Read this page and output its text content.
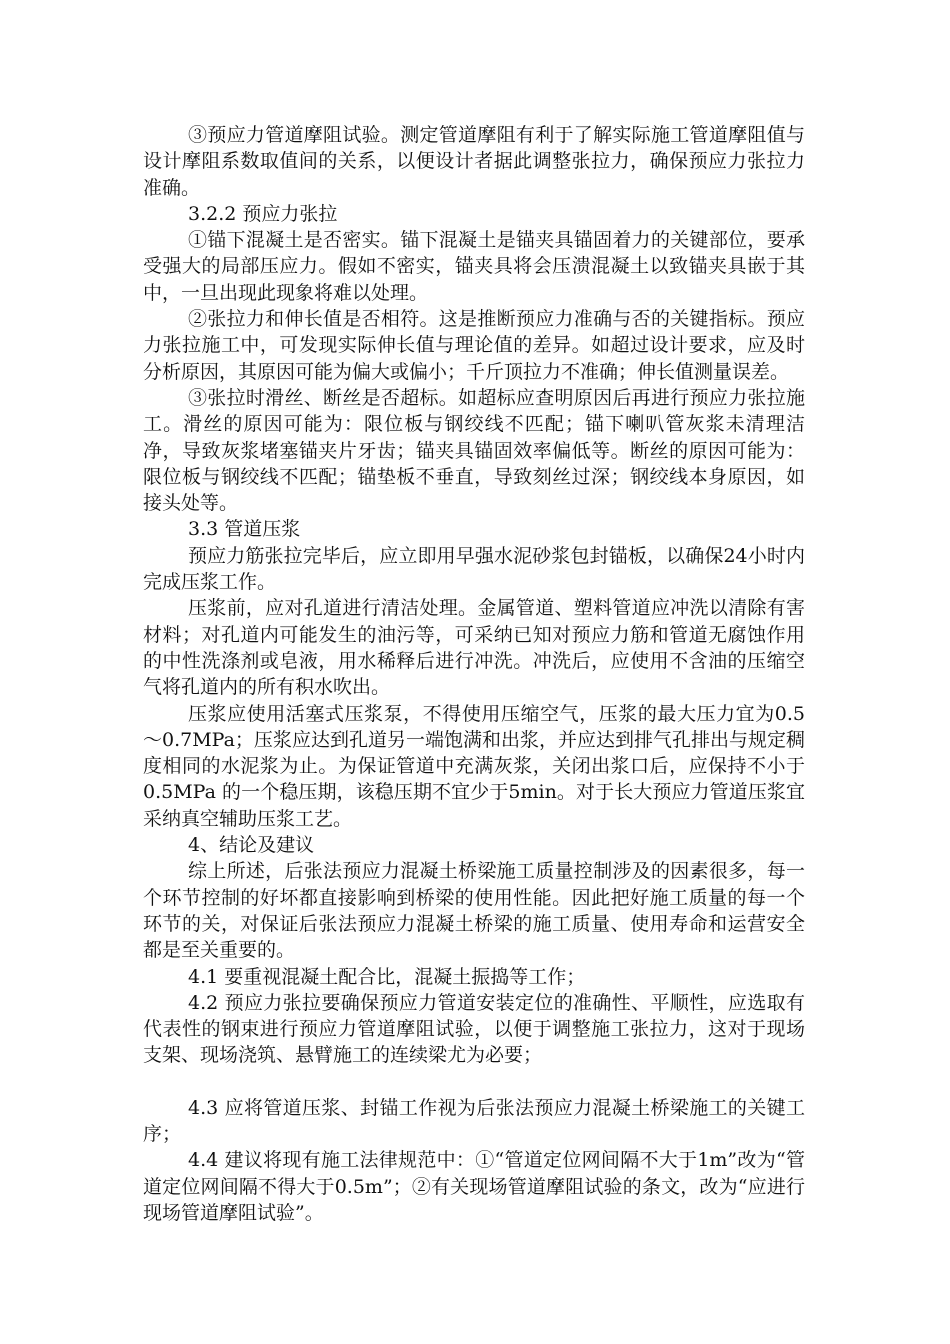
③预应力管道摩阻试验。测定管道摩阻有利于了解实际施工管道摩阻值与设计摩阻系数取值间的关系，以便设计者据此调整张拉力，确保预应力张拉力准确。

3.2.2 预应力张拉

①锚下混凝土是否密实。锚下混凝土是锚夹具锚固着力的关键部位，要承受强大的局部压应力。假如不密实，锚夹具将会压溃混凝土以致锚夹具嵌于其中，一旦出现此现象将难以处理。

②张拉力和伸长值是否相符。这是推断预应力准确与否的关键指标。预应力张拉施工中，可发现实际伸长值与理论值的差异。如超过设计要求，应及时分析原因，其原因可能为偏大或偏小；千斤顶拉力不准确；伸长值测量误差。

③张拉时滑丝、断丝是否超标。如超标应查明原因后再进行预应力张拉施工。滑丝的原因可能为：限位板与钢绞线不匹配；锚下喇叭管灰浆未清理洁净，导致灰浆堵塞锚夹片牙齿；锚夹具锚固效率偏低等。断丝的原因可能为：限位板与钢绞线不匹配；锚垫板不垂直，导致刻丝过深；钢绞线本身原因，如接头处等。

3.3 管道压浆

预应力筋张拉完毕后，应立即用早强水泥砂浆包封锚板，以确保24小时内完成压浆工作。

压浆前，应对孔道进行清洁处理。金属管道、塑料管道应冲洗以清除有害材料；对孔道内可能发生的油污等，可采纳已知对预应力筋和管道无腐蚀作用的中性洗涤剂或皂液，用水稀释后进行冲洗。冲洗后，应使用不含油的压缩空气将孔道内的所有积水吹出。

压浆应使用活塞式压浆泵，不得使用压缩空气，压浆的最大压力宜为0.5～0.7MPa；压浆应达到孔道另一端饱满和出浆，并应达到排气孔排出与规定稠度相同的水泥浆为止。为保证管道中充满灰浆，关闭出浆口后，应保持不小于0.5MPa 的一个稳压期，该稳压期不宜少于5min。对于长大预应力管道压浆宜采纳真空辅助压浆工艺。

4、结论及建议

综上所述，后张法预应力混凝土桥梁施工质量控制涉及的因素很多，每一个环节控制的好坏都直接影响到桥梁的使用性能。因此把好施工质量的每一个环节的关，对保证后张法预应力混凝土桥梁的施工质量、使用寿命和运营安全都是至关重要的。

4.1 要重视混凝土配合比，混凝土振捣等工作；

4.2 预应力张拉要确保预应力管道安装定位的准确性、平顺性，应选取有代表性的钢束进行预应力管道摩阻试验，以便于调整施工张拉力，这对于现场支架、现场浇筑、悬臂施工的连续梁尤为必要；

4.3 应将管道压浆、封锚工作视为后张法预应力混凝土桥梁施工的关键工序；

4.4 建议将现有施工法律规范中：①“管道定位网间隔不大于1m”改为“管道定位网间隔不得大于0.5m”；②有关现场管道摩阻试验的条文，改为“应进行现场管道摩阻试验”。
